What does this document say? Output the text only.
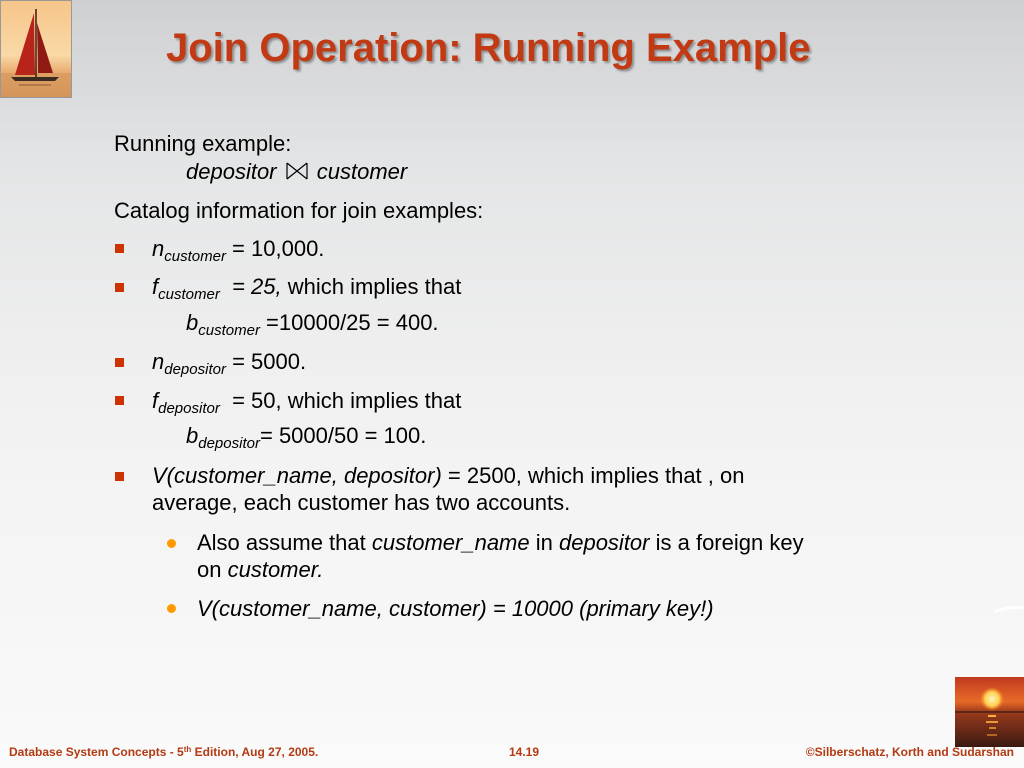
Join Operation: Running Example
Running example:
depositor customer
Catalog information for join examples:
$n_{customer} = 10,000$.
$f_{customer} = 25$, which implies that
$b_{customer} =10000/25 = 400$.
$n_{depositor} = 5000$.
$f_{depositor} = 50$, which implies that
$b_{depositor}= 5000/50 = 100$.
V(customer_name, depositor) = 2500, which implies that , on
average, each customer has two accounts.
Also assume that customer_name in depositor is a foreign key
on customer.
V(customer_name, customer) = 10000 (primary key!)
Database System Concepts - 5th Edition, Aug 27, 2005.	14.19	©Silberschatz, Korth and Sudarshan
